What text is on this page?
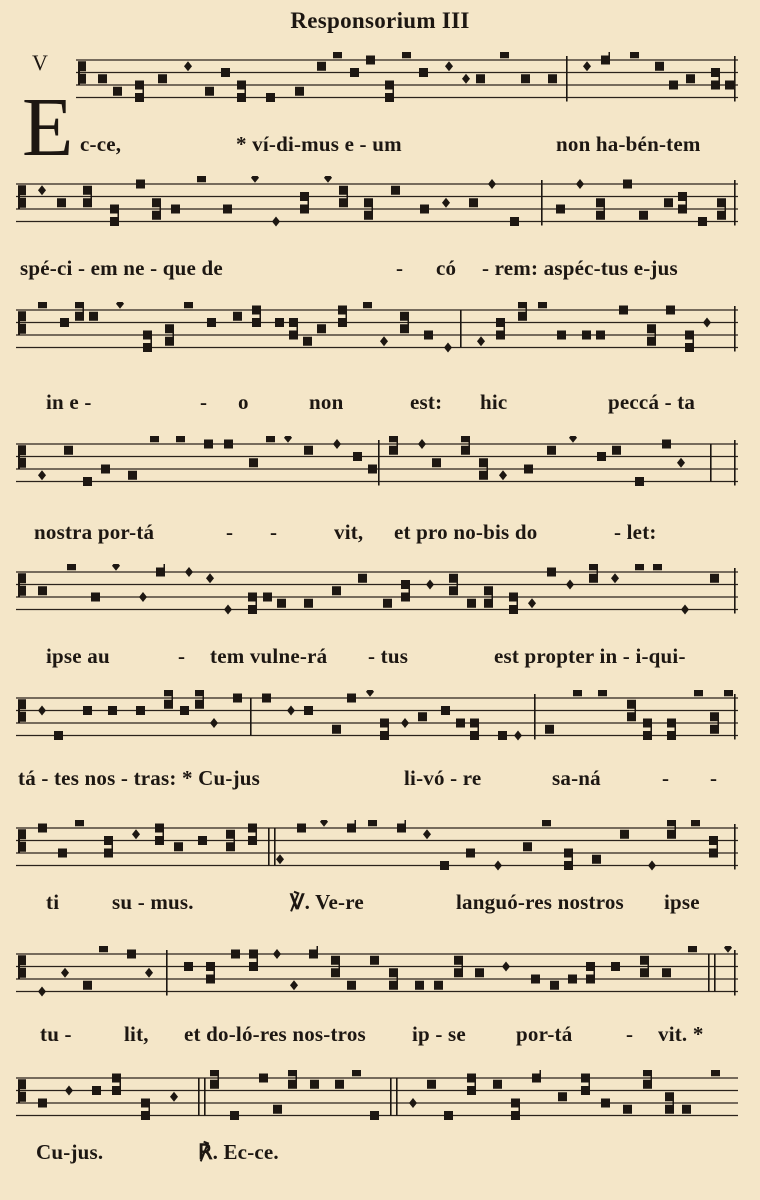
Responsorium III
V
E c-ce,	* ví-di-mus e - um	non ha-bén-tem
spé-ci - em ne - que de	- có - rem: aspéc-tus e-jus
in e -	- o	non	est: hic	peccá - ta
nostra por-tá	- -	vit, et pro no-bis do	- let:
ipse au	- tem vulne-rá - tus	est propter in - i-qui-
tá - tes nos - tras: * Cu-jus	li-vó - re	sa-ná	- -
ti	su - mus.	℣. Ve-re	languó-res nostros ipse
tu - lit, et do-ló-res nos-tros ip - se por-tá	- vit. *
Cu-jus.	℟. Ec-ce.
